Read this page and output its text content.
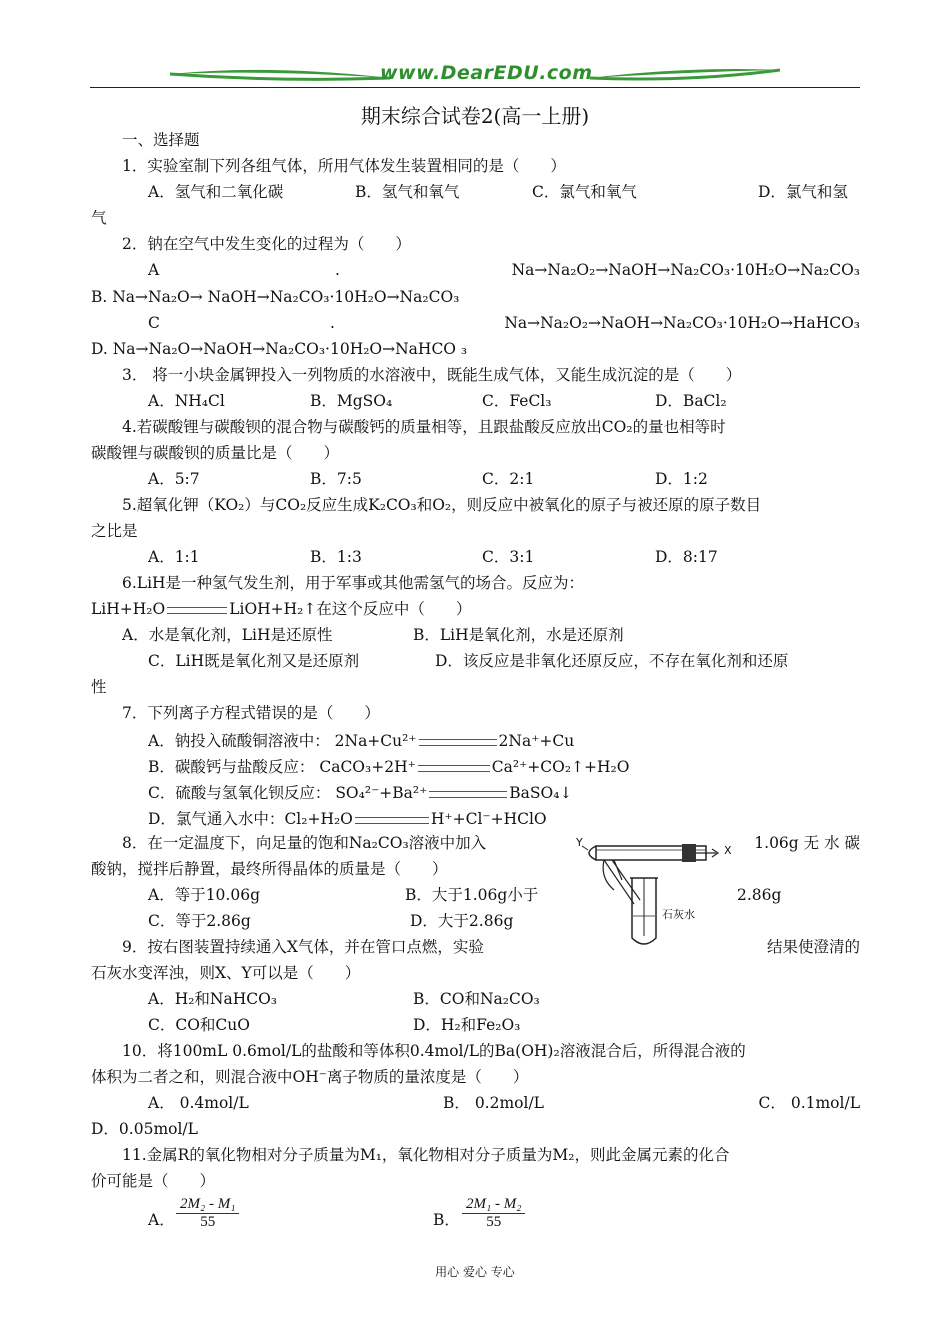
www.DearEDU.com
期末综合试卷2(高一上册)
一、选择题
1．实验室制下列各组气体，所用气体发生装置相同的是（　　）
A．氢气和二氧化碳	B．氢气和氧气	C．氯气和氧气	D．氯气和氢
气
2．钠在空气中发生变化的过程为（　　）
A	.	Na→Na₂O₂→NaOH→Na₂CO₃·10H₂O→Na₂CO₃
B. Na→Na₂O→ NaOH→Na₂CO₃·10H₂O→Na₂CO₃
C	.	Na→Na₂O₂→NaOH→Na₂CO₃·10H₂O→HaHCO₃
D. Na→Na₂O→NaOH→Na₂CO₃·10H₂O→NaHCO ₃
3． 将一小块金属钾投入一列物质的水溶液中，既能生成气体，又能生成沉淀的是（　　）
A．NH₄Cl	B．MgSO₄	C．FeCl₃	D．BaCl₂
4.若碳酸锂与碳酸钡的混合物与碳酸钙的质量相等，且跟盐酸反应放出CO₂的量也相等时
碳酸锂与碳酸钡的质量比是（　　）
A．5:7	B．7:5	C．2:1	D．1:2
5.超氧化钾（KO₂）与CO₂反应生成K₂CO₃和O₂，则反应中被氧化的原子与被还原的原子数目
之比是
A．1:1	B．1:3	C．3:1	D．8:17
6.LiH是一种氢气发生剂，用于军事或其他需氢气的场合。反应为：
LiH+H₂O	LiOH+H₂↑在这个反应中（　　）
A．水是氧化剂，LiH是还原性	B．LiH是氧化剂，水是还原剂
C．LiH既是氧化剂又是还原剂	D．该反应是非氧化还原反应，不存在氧化剂和还原
性
7．下列离子方程式错误的是（　　）
A．钠投入硫酸铜溶液中： 2Na+Cu²⁺	2Na⁺+Cu
B．碳酸钙与盐酸反应： CaCO₃+2H⁺	Ca²⁺+CO₂↑+H₂O
C．硫酸与氢氧化钡反应： SO₄²⁻+Ba²⁺	BaSO₄↓
D．氯气通入水中：Cl₂+H₂O	H⁺+Cl⁻+HClO
8．在一定温度下，向足量的饱和Na₂CO₃溶液中加入	1.06g 无 水 碳
酸钠，搅拌后静置，最终所得晶体的质量是（　　）
A．等于10.06g	B．大于1.06g小于	2.86g
C．等于2.86g	D．大于2.86g
Y
X
石灰水
9．按右图装置持续通入X气体，并在管口点燃，实验	结果使澄清的
石灰水变浑浊，则X、Y可以是（　　）
A．H₂和NaHCO₃	B．CO和Na₂CO₃
C．CO和CuO	D．H₂和Fe₂O₃
10．将100mL 0.6mol/L的盐酸和等体积0.4mol/L的Ba(OH)₂溶液混合后，所得混合液的
体积为二者之和，则混合液中OH⁻离子物质的量浓度是（　　）
A． 0.4mol/L	B． 0.2mol/L	C． 0.1mol/L
D．0.05mol/L
11.金属R的氧化物相对分子质量为M₁，氧化物相对分子质量为M₂，则此金属元素的化合
价可能是（　　）
A． $\frac{\text{2M₂ - M₁}}{55}$	B． $\frac{\text{2M₁ - M₂}}{55}$
用心 爱心 专心
